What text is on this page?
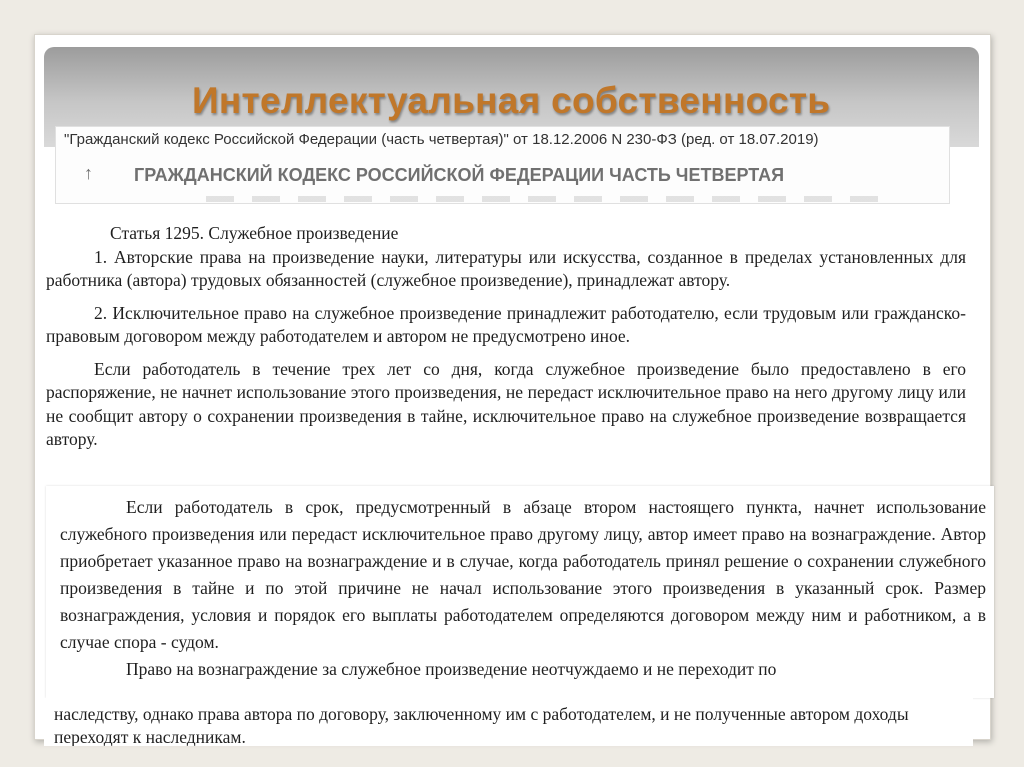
Интеллектуальная собственность
"Гражданский кодекс Российской Федерации (часть четвертая)" от 18.12.2006 N 230-ФЗ (ред. от 18.07.2019)
↑ ГРАЖДАНСКИЙ КОДЕКС РОССИЙСКОЙ ФЕДЕРАЦИИ ЧАСТЬ ЧЕТВЕРТАЯ

Статья 1295. Служебное произведение

1. Авторские права на произведение науки, литературы или искусства, созданное в пределах установленных для работника (автора) трудовых обязанностей (служебное произведение), принадлежат автору.

2. Исключительное право на служебное произведение принадлежит работодателю, если трудовым или гражданско-правовым договором между работодателем и автором не предусмотрено иное.

Если работодатель в течение трех лет со дня, когда служебное произведение было предоставлено в его распоряжение, не начнет использование этого произведения, не передаст исключительное право на него другому лицу или не сообщит автору о сохранении произведения в тайне, исключительное право на служебное произведение возвращается автору.

Если работодатель в срок, предусмотренный в абзаце втором настоящего пункта, начнет использование служебного произведения или передаст исключительное право другому лицу, автор имеет право на вознаграждение. Автор приобретает указанное право на вознаграждение и в случае, когда работодатель принял решение о сохранении служебного произведения в тайне и по этой причине не начал использование этого произведения в указанный срок. Размер вознаграждения, условия и порядок его выплаты работодателем определяются договором между ним и работником, а в случае спора - судом.

Право на вознаграждение за служебное произведение неотчуждаемо и не переходит по

наследству, однако права автора по договору, заключенному им с работодателем, и не полученные автором доходы переходят к наследникам.
